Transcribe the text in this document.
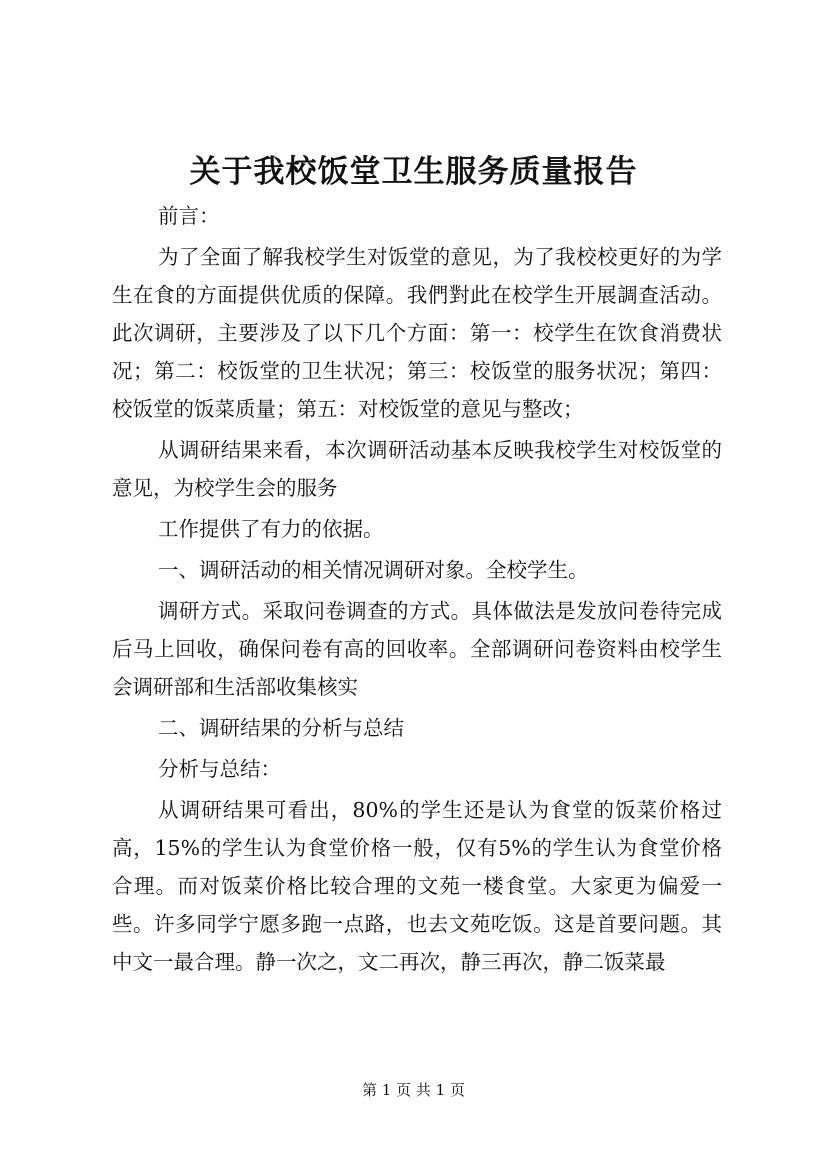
关于我校饭堂卫生服务质量报告

前言：

为了全面了解我校学生对饭堂的意见，为了我校校更好的为学生在食的方面提供优质的保障。我們對此在校学生开展調查活动。此次调研，主要涉及了以下几个方面：第一：校学生在饮食消费状况；第二：校饭堂的卫生状况；第三：校饭堂的服务状况；第四：校饭堂的饭菜质量；第五：对校饭堂的意见与整改；

从调研结果来看，本次调研活动基本反映我校学生对校饭堂的意见，为校学生会的服务

工作提供了有力的依据。

一、调研活动的相关情况调研对象。全校学生。

调研方式。采取问卷调查的方式。具体做法是发放问卷待完成后马上回收，确保问卷有高的回收率。全部调研问卷资料由校学生会调研部和生活部收集核实

二、调研结果的分析与总结

分析与总结：

从调研结果可看出，80%的学生还是认为食堂的饭菜价格过高，15%的学生认为食堂价格一般，仅有5%的学生认为食堂价格合理。而对饭菜价格比较合理的文苑一楼食堂。大家更为偏爱一些。许多同学宁愿多跑一点路，也去文苑吃饭。这是首要问题。其中文一最合理。静一次之，文二再次，静三再次，静二饭菜最

第 1 页 共 1 页
